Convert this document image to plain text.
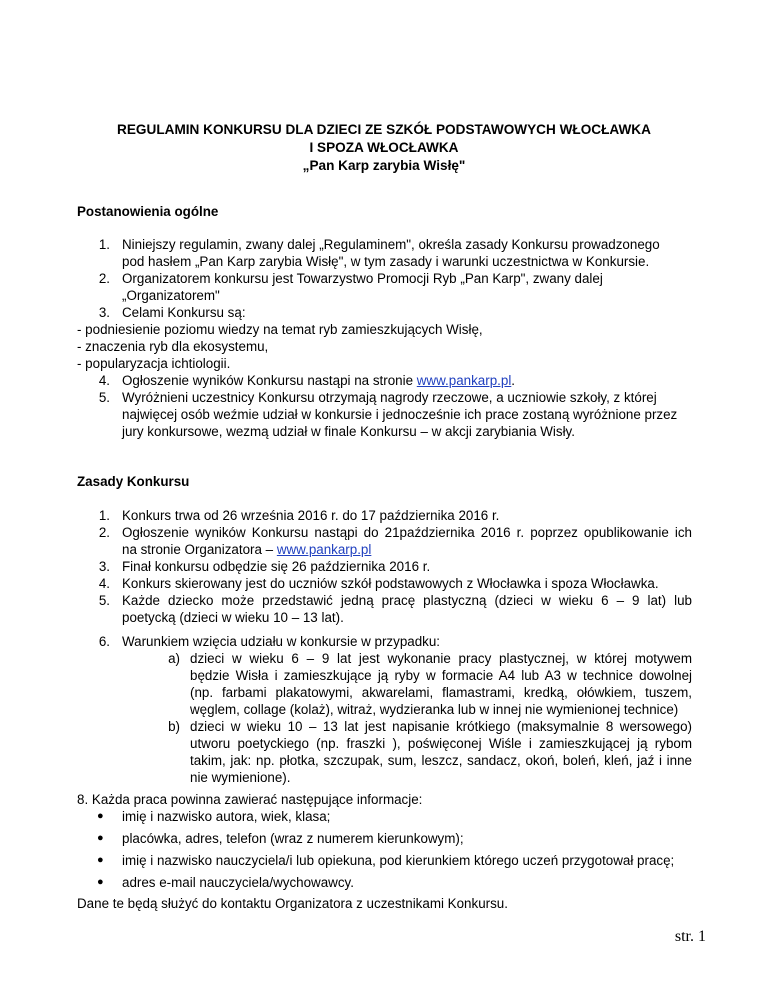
REGULAMIN KONKURSU DLA DZIECI ZE SZKÓŁ PODSTAWOWYCH WŁOCŁAWKA
I SPOZA WŁOCŁAWKA
„Pan Karp zarybia Wisłę"
Postanowienia ogólne
1. Niniejszy regulamin, zwany dalej „Regulaminem", określa zasady Konkursu prowadzonego
pod hasłem „Pan Karp zarybia Wisłę", w tym zasady i warunki uczestnictwa w Konkursie.
2. Organizatorem konkursu jest Towarzystwo Promocji Ryb „Pan Karp", zwany dalej
„Organizatorem"
3. Celami Konkursu są:
- podniesienie poziomu wiedzy na temat ryb zamieszkujących Wisłę,
- znaczenia ryb dla ekosystemu,
- popularyzacja ichtiologii.
4. Ogłoszenie wyników Konkursu nastąpi na stronie www.pankarp.pl.
5. Wyróżnieni uczestnicy Konkursu otrzymają nagrody rzeczowe, a uczniowie szkoły, z której
najwięcej osób weźmie udział w konkursie i jednocześnie ich prace zostaną wyróżnione przez
jury konkursowe, wezmą udział w finale Konkursu – w akcji zarybiania Wisły.
Zasady Konkursu
1. Konkurs trwa od 26 września 2016 r. do 17 października 2016 r.
2. Ogłoszenie wyników Konkursu nastąpi do 21października 2016 r. poprzez opublikowanie ich
na stronie Organizatora – www.pankarp.pl
3. Finał konkursu odbędzie się 26 października 2016 r.
4. Konkurs skierowany jest do uczniów szkół podstawowych z Włocławka i spoza Włocławka.
5. Każde dziecko może przedstawić jedną pracę plastyczną (dzieci w wieku 6 – 9 lat) lub
poetycką (dzieci w wieku 10 – 13 lat).
6. Warunkiem wzięcia udziału w konkursie w przypadku:
a) dzieci w wieku 6 – 9 lat jest wykonanie pracy plastycznej, w której motywem
będzie Wisła i zamieszkujące ją ryby w formacie A4 lub A3 w technice dowolnej
(np. farbami plakatowymi, akwarelami, flamastrami, kredką, ołówkiem, tuszem,
węglem, collage (kolaż), witraż, wydzieranka lub w innej nie wymienionej technice)
b) dzieci w wieku 10 – 13 lat jest napisanie krótkiego (maksymalnie 8 wersowego)
utworu poetyckiego (np. fraszki ), poświęconej Wiśle i zamieszkującej ją rybom
takim, jak: np. płotka, szczupak, sum, leszcz, sandacz, okoń, boleń, kleń, jaź i inne
nie wymienione).
8. Każda praca powinna zawierać następujące informacje:
● imię i nazwisko autora, wiek, klasa;
● placówka, adres, telefon (wraz z numerem kierunkowym);
● imię i nazwisko nauczyciela/i lub opiekuna, pod kierunkiem którego uczeń przygotował pracę;
● adres e-mail nauczyciela/wychowawcy.
Dane te będą służyć do kontaktu Organizatora z uczestnikami Konkursu.
str. 1
